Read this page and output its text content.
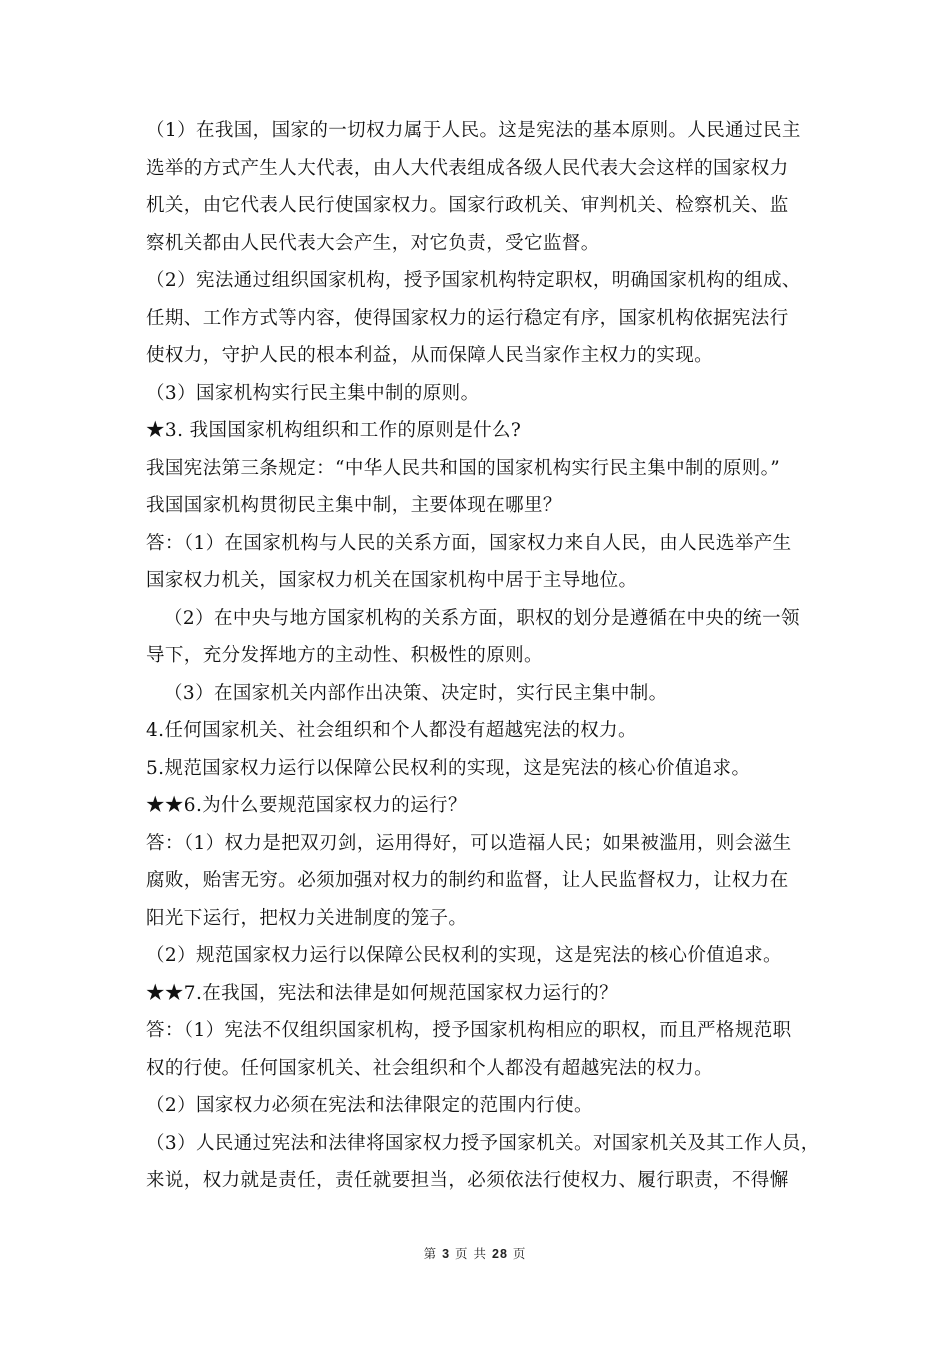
（1）在我国，国家的一切权力属于人民。这是宪法的基本原则。人民通过民主
选举的方式产生人大代表，由人大代表组成各级人民代表大会这样的国家权力
机关，由它代表人民行使国家权力。国家行政机关、审判机关、检察机关、监
察机关都由人民代表大会产生，对它负责，受它监督。
（2）宪法通过组织国家机构，授予国家机构特定职权，明确国家机构的组成、
任期、工作方式等内容，使得国家权力的运行稳定有序，国家机构依据宪法行
使权力，守护人民的根本利益，从而保障人民当家作主权力的实现。
（3）国家机构实行民主集中制的原则。
★3. 我国国家机构组织和工作的原则是什么?
我国宪法第三条规定：“中华人民共和国的国家机构实行民主集中制的原则。”
我国国家机构贯彻民主集中制，主要体现在哪里？
答：（1）在国家机构与人民的关系方面，国家权力来自人民，由人民选举产生
国家权力机关，国家权力机关在国家机构中居于主导地位。
（2）在中央与地方国家机构的关系方面，职权的划分是遵循在中央的统一领
导下，充分发挥地方的主动性、积极性的原则。
（3）在国家机关内部作出决策、决定时，实行民主集中制。
4.任何国家机关、社会组织和个人都没有超越宪法的权力。
5.规范国家权力运行以保障公民权利的实现，这是宪法的核心价值追求。
★★6.为什么要规范国家权力的运行？
答：（1）权力是把双刃剑，运用得好，可以造福人民；如果被滥用，则会滋生
腐败，贻害无穷。必须加强对权力的制约和监督，让人民监督权力，让权力在
阳光下运行，把权力关进制度的笼子。
（2）规范国家权力运行以保障公民权利的实现，这是宪法的核心价值追求。
★★7.在我国，宪法和法律是如何规范国家权力运行的？
答：（1）宪法不仅组织国家机构，授予国家机构相应的职权，而且严格规范职
权的行使。任何国家机关、社会组织和个人都没有超越宪法的权力。
（2）国家权力必须在宪法和法律限定的范围内行使。
（3）人民通过宪法和法律将国家权力授予国家机关。对国家机关及其工作人员，
来说，权力就是责任，责任就要担当，必须依法行使权力、履行职责，不得懈
第 3 页 共 28 页
